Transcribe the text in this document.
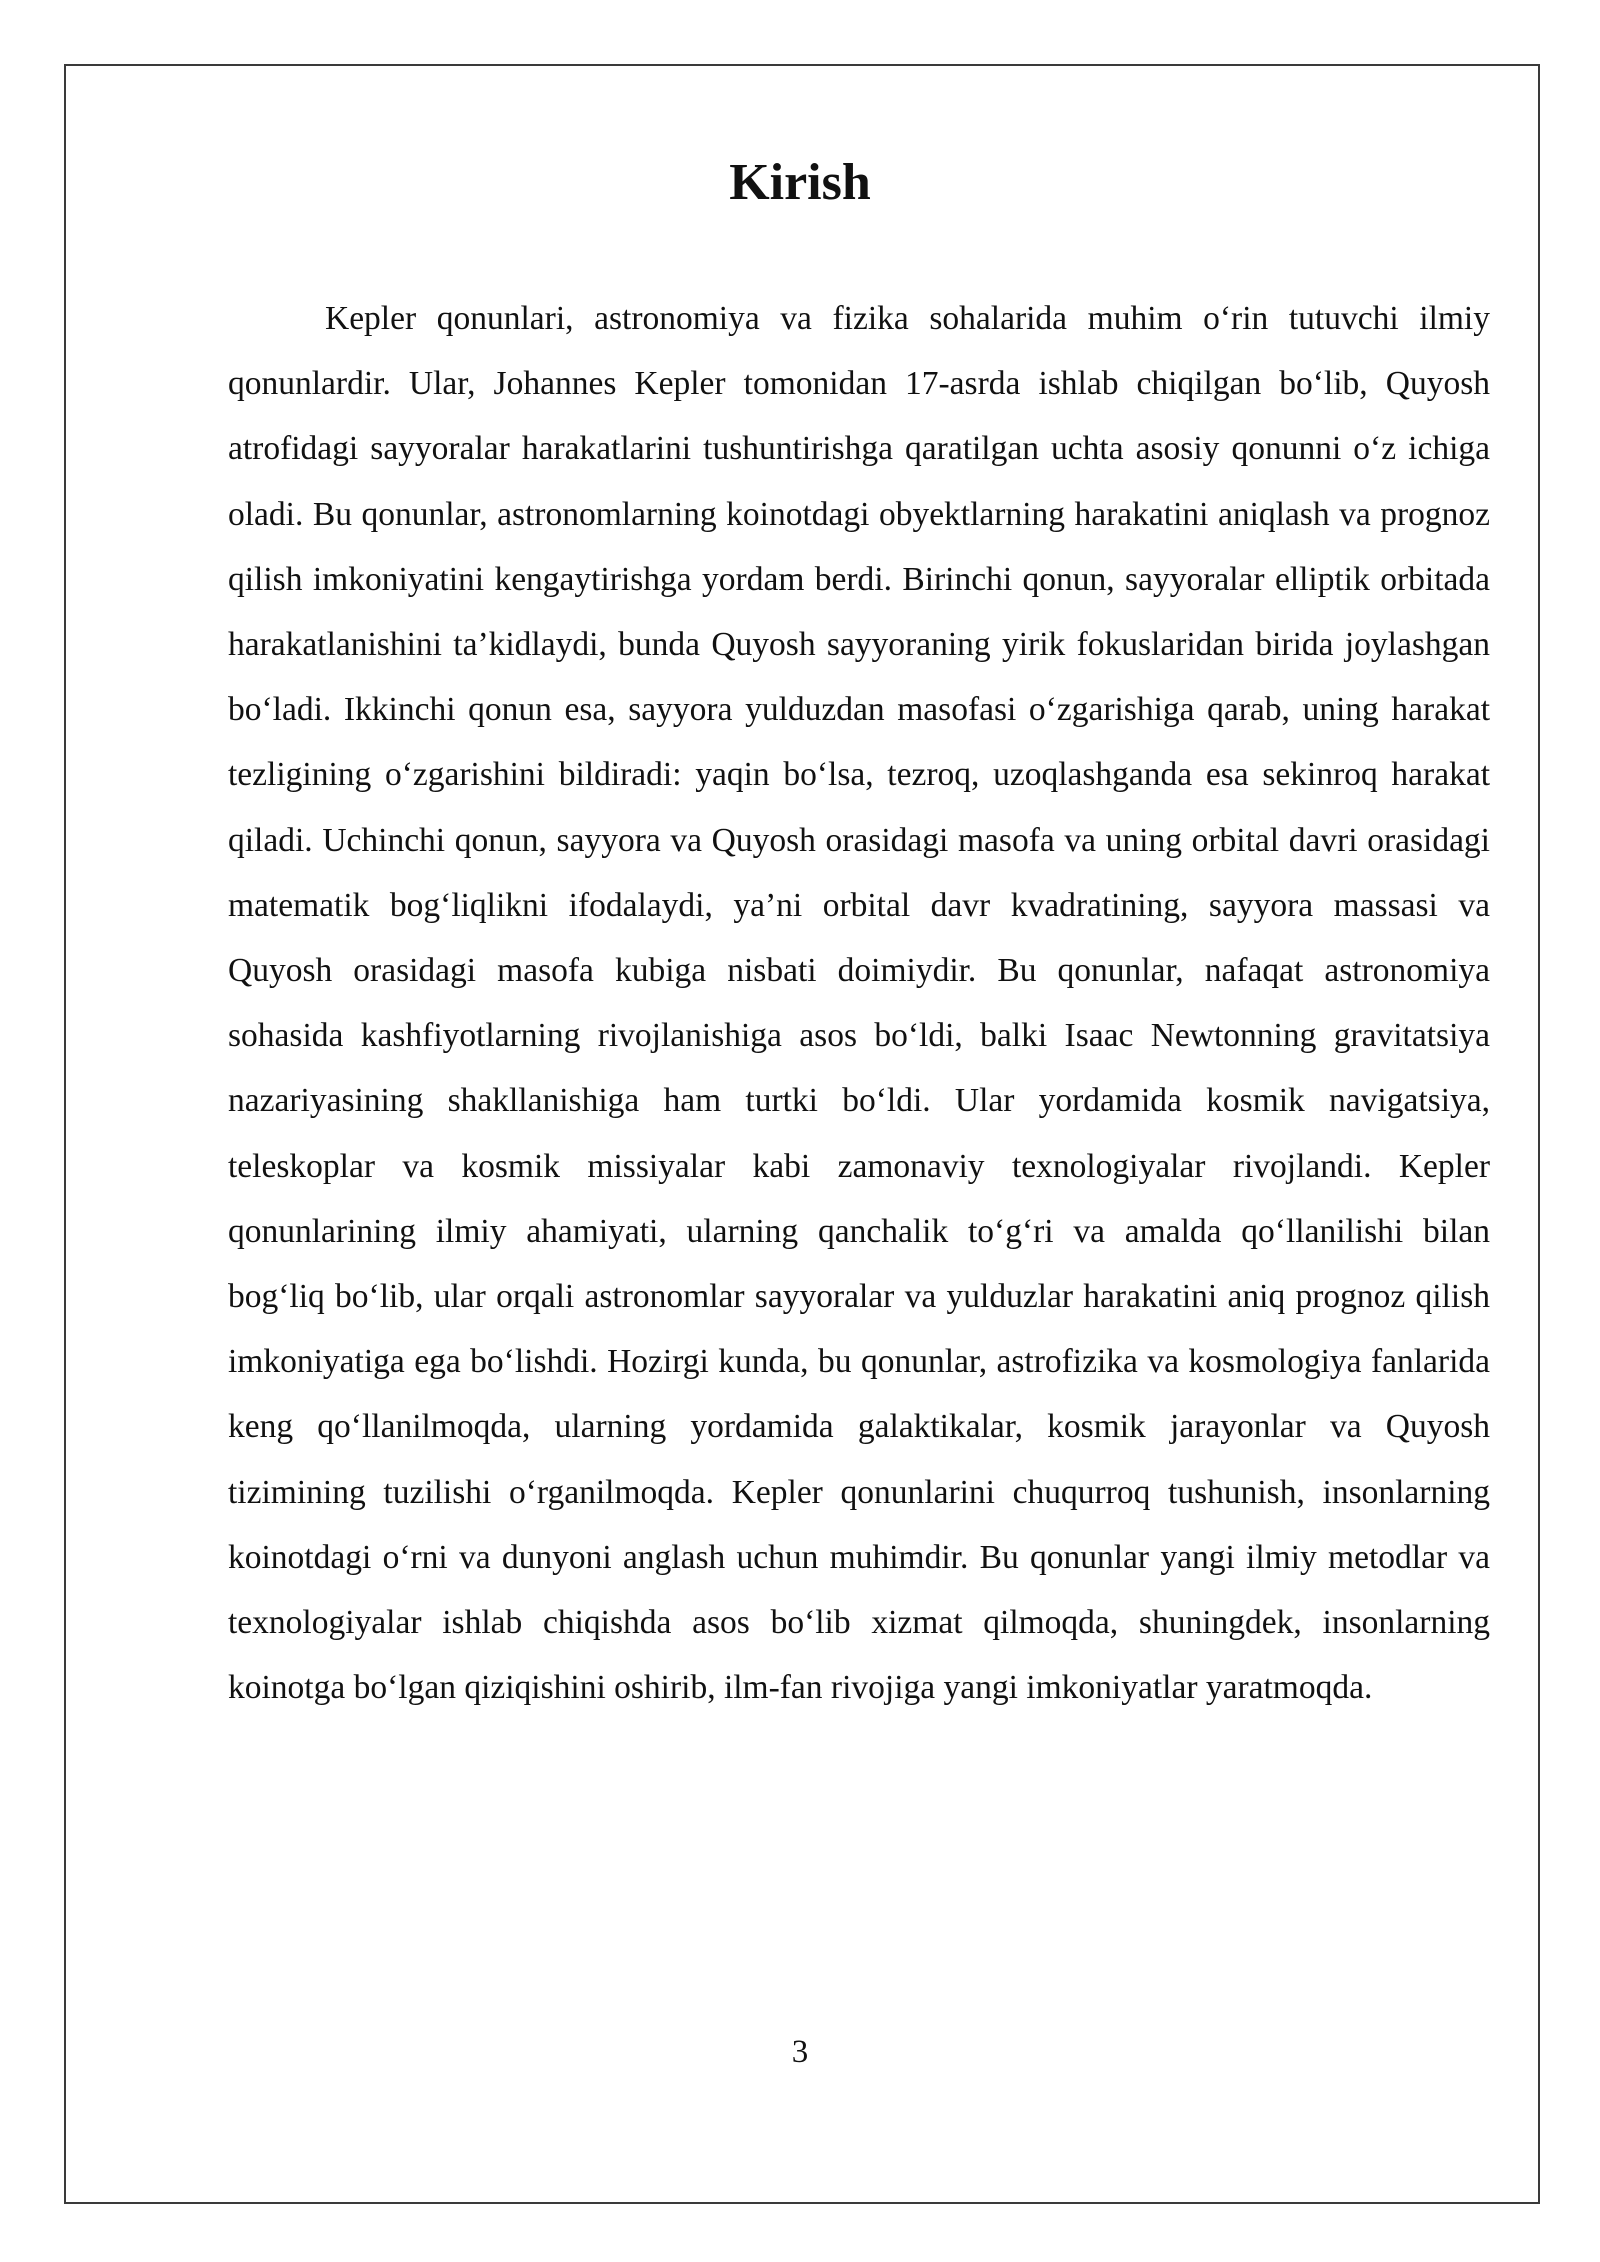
Kirish

Kepler qonunlari, astronomiya va fizika sohalarida muhim o‘rin tutuvchi ilmiy qonunlardir. Ular, Johannes Kepler tomonidan 17-asrda ishlab chiqilgan bo‘lib, Quyosh atrofidagi sayyoralar harakatlarini tushuntirishga qaratilgan uchta asosiy qonunni o‘z ichiga oladi. Bu qonunlar, astronomlarning koinotdagi obyektlarning harakatini aniqlash va prognoz qilish imkoniyatini kengaytirishga yordam berdi. Birinchi qonun, sayyoralar elliptik orbitada harakatlanishini ta’kidlaydi, bunda Quyosh sayyoraning yirik fokuslaridan birida joylashgan bo‘ladi. Ikkinchi qonun esa, sayyora yulduzdan masofasi o‘zgarishiga qarab, uning harakat tezligining o‘zgarishini bildiradi: yaqin bo‘lsa, tezroq, uzoqlashganda esa sekinroq harakat qiladi. Uchinchi qonun, sayyora va Quyosh orasidagi masofa va uning orbital davri orasidagi matematik bog‘liqlikni ifodalaydi, ya’ni orbital davr kvadratining, sayyora massasi va Quyosh orasidagi masofa kubiga nisbati doimiydir. Bu qonunlar, nafaqat astronomiya sohasida kashfiyotlarning rivojlanishiga asos bo‘ldi, balki Isaac Newtonning gravitatsiya nazariyasining shakllanishiga ham turtki bo‘ldi. Ular yordamida kosmik navigatsiya, teleskoplar va kosmik missiyalar kabi zamonaviy texnologiyalar rivojlandi. Kepler qonunlarining ilmiy ahamiyati, ularning qanchalik to‘g‘ri va amalda qo‘llanilishi bilan bog‘liq bo‘lib, ular orqali astronomlar sayyoralar va yulduzlar harakatini aniq prognoz qilish imkoniyatiga ega bo‘lishdi. Hozirgi kunda, bu qonunlar, astrofizika va kosmologiya fanlarida keng qo‘llanilmoqda, ularning yordamida galaktikalar, kosmik jarayonlar va Quyosh tizimining tuzilishi o‘rganilmoqda. Kepler qonunlarini chuqurroq tushunish, insonlarning koinotdagi o‘rni va dunyoni anglash uchun muhimdir. Bu qonunlar yangi ilmiy metodlar va texnologiyalar ishlab chiqishda asos bo‘lib xizmat qilmoqda, shuningdek, insonlarning koinotga bo‘lgan qiziqishini oshirib, ilm-fan rivojiga yangi imkoniyatlar yaratmoqda.

3
